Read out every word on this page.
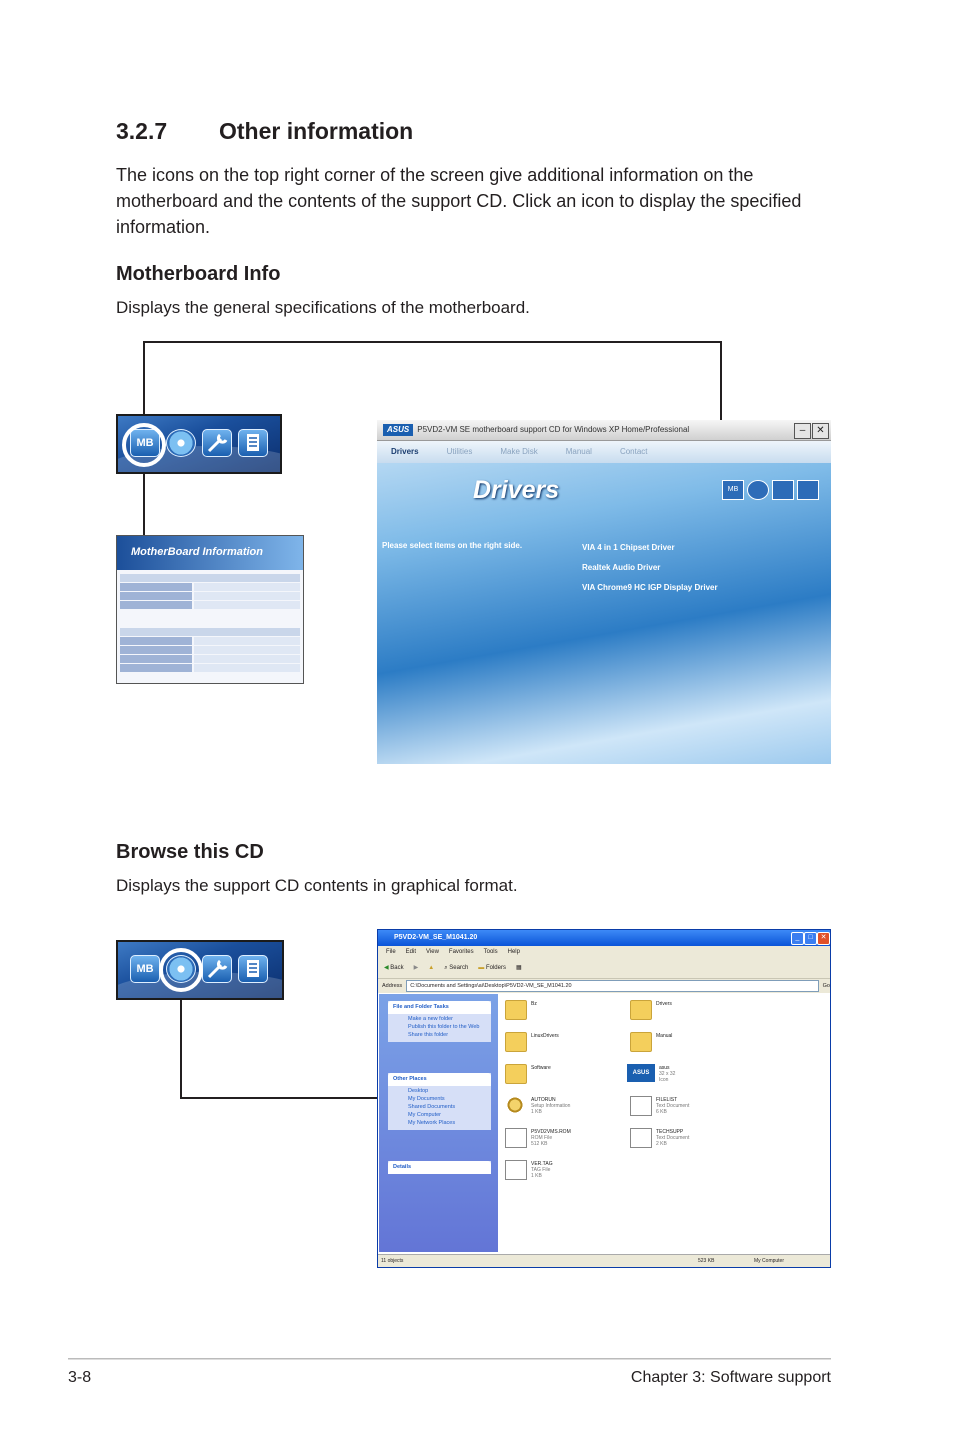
3.2.7 Other information
The icons on the top right corner of the screen give additional information on the motherboard and the contents of the support CD. Click an icon to display the specified information.
Motherboard Info
Displays the general specifications of the motherboard.
MB
MotherBoard Information

ASUS P5VD2-VM SE motherboard support CD for Windows XP Home/Professional	–	✕
Drivers	Utilities	Make Disk	Manual	Contact
Drivers	MB
Please select items on the right side.	VIA 4 in 1 Chipset Driver
Realtek Audio Driver
VIA Chrome9 HC IGP Display Driver
Browse this CD
Displays the support CD contents in graphical format.
MB
P5VD2-VM_SE_M1041.20	_	□	✕
File Edit View Favorites Tools Help
◀ Back ▶ ▲ ⌕ Search ▬ Folders ▦
Address	C:\Documents and Settings\ai\Desktop\P5VD2-VM_SE_M1041.20	Go
File and Folder Tasks
Make a new folder
Publish this folder to the Web
Share this folder
Other Places
Desktop
My Documents
Shared Documents
My Computer
My Network Places
Details
Bz	Drivers
LinuxDrivers	Manual
Software
ASUS
asus
32 x 32
Icon
AUTORUN
Setup Information
1 KB
FILELIST
Text Document
6 KB
P5VD2VMS.ROM
ROM File
512 KB
TECHSUPP
Text Document
2 KB
VER.TAG
TAG File
1 KB
11 objects	523 KB	My Computer
3-8	Chapter 3: Software support
